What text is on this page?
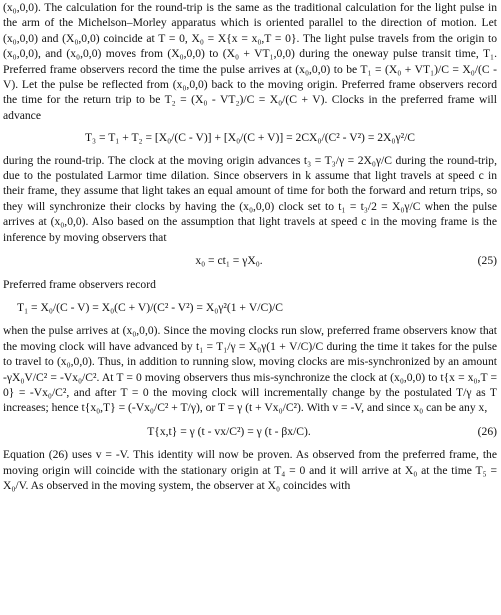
(x₀,0,0). The calculation for the round-trip is the same as the traditional calculation for the light pulse in the arm of the Michelson–Morley apparatus which is oriented parallel to the direction of motion. Let (x₀,0,0) and (X₀,0,0) coincide at T = 0, X₀ = X{x = x₀,T = 0}. The light pulse travels from the origin to (x₀,0,0), and (x₀,0,0) moves from (X₀,0,0) to (X₀ + VT₁,0,0) during the oneway pulse transit time, T₁. Preferred frame observers record the time the pulse arrives at (x₀,0,0) to be T₁ = (X₀ + VT₁)/C = X₀/(C - V). Let the pulse be reflected from (x₀,0,0) back to the moving origin. Preferred frame observers record the time for the return trip to be T₂ = (X₀ - VT₂)/C = X₀/(C + V). Clocks in the preferred frame will advance

T₃ = T₁ + T₂ = [X₀/(C - V)] + [X₀/(C + V)] = 2CX₀/(C² - V²) = 2X₀γ²/C

during the round-trip. The clock at the moving origin advances t₃ = T₃/γ = 2X₀γ/C during the round-trip, due to the postulated Larmor time dilation. Since observers in k assume that light travels at speed c in their frame, they assume that light takes an equal amount of time for both the forward and return trips, so they will synchronize their clocks by having the (x₀,0,0) clock set to t₁ = t₃/2 = X₀γ/C when the pulse arrives at (x₀,0,0). Also based on the assumption that light travels at speed c in the moving frame is the inference by moving observers that

x₀ = ct₁ = γX₀.	(25)

Preferred frame observers record

T₁ = X₀/(C - V) = X₀(C + V)/(C² - V²) = X₀γ²(1 + V/C)/C

when the pulse arrives at (x₀,0,0). Since the moving clocks run slow, preferred frame observers know that the moving clock will have advanced by t₁ = T₁/γ = X₀γ(1 + V/C)/C during the time it takes for the pulse to travel to (x₀,0,0). Thus, in addition to running slow, moving clocks are mis-synchronized by an amount -γX₀V/C² = -Vx₀/C². At T = 0 moving observers thus mis-synchronize the clock at (x₀,0,0) to t{x = x₀,T = 0} = -Vx₀/C², and after T = 0 the moving clock will incrementally change by the postulated T/γ as T increases; hence t{x₀,T} = (-Vx₀/C² + T/γ), or T = γ (t + Vx₀/C²). With v = -V, and since x₀ can be any x,

T{x,t} = γ (t - vx/C²) = γ (t - βx/C).	(26)

Equation (26) uses v = -V. This identity will now be proven. As observed from the preferred frame, the moving origin will coincide with the stationary origin at T₄ = 0 and it will arrive at X₀ at the time T₅ = X₀/V. As observed in the moving system, the observer at X₀ coincides with
